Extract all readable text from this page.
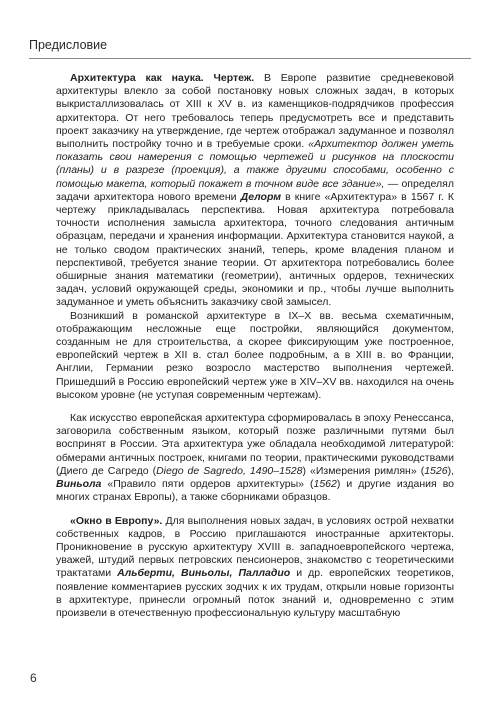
Предисловие

Архитектура как наука. Чертеж. В Европе развитие средневековой архитектуры влекло за собой постановку новых сложных задач, в которых выкристаллизовалась от XIII к XV в. из каменщиков-подрядчиков профессия архитектора. От него требовалось теперь предусмотреть все и представить проект заказчику на утверждение, где чертеж отображал задуманное и позволял выполнить постройку точно и в требуемые сроки. «Архитектор должен уметь показать свои намерения с помощью чертежей и рисунков на плоскости (планы) и в разрезе (проекция), а также другими способами, особенно с помощью макета, который покажет в точном виде все здание», — определял задачи архитектора нового времени Делорм в книге «Архитектура» в 1567 г. К чертежу прикладывалась перспектива. Новая архитектура потребовала точности исполнения замысла архитектора, точного следования античным образцам, передачи и хранения информации. Архитектура становится наукой, а не только сводом практических знаний, теперь, кроме владения планом и перспективой, требуется знание теории. От архитектора потребовались более обширные знания математики (геометрии), античных ордеров, технических задач, условий окружающей среды, экономики и пр., чтобы лучше выполнить задуманное и уметь объяснить заказчику свой замысел.

Возникший в романской архитектуре в IX–X вв. весьма схематичным, отображающим несложные еще постройки, являющийся документом, созданным не для строительства, а скорее фиксирующим уже построенное, европейский чертеж в XII в. стал более подробным, а в XIII в. во Франции, Англии, Германии резко возросло мастерство выполнения чертежей. Пришедший в Россию европейский чертеж уже в XIV–XV вв. находился на очень высоком уровне (не уступая современным чертежам).

Как искусство европейская архитектура сформировалась в эпоху Ренессанса, заговорила собственным языком, который позже различными путями был воспринят в России. Эта архитектура уже обладала необходимой литературой: обмерами античных построек, книгами по теории, практическими руководствами (Диего де Сагредо (Diego de Sagredo, 1490–1528) «Измерения римлян» (1526), Виньола «Правило пяти ордеров архитектуры» (1562) и другие издания во многих странах Европы), а также сборниками образцов.

«Окно в Европу». Для выполнения новых задач, в условиях острой нехватки собственных кадров, в Россию приглашаются иностранные архитекторы. Проникновение в русскую архитектуру XVIII в. западноевропейского чертежа, уважей, штудий первых петровских пенсионеров, знакомство с теоретическими трактатами Альберти, Виньолы, Палладио и др. европейских теоретиков, появление комментариев русских зодчих к их трудам, открыли новые горизонты в архитектуре, принесли огромный поток знаний и, одновременно с этим произвели в отечественную профессиональную культуру масштабную

6
